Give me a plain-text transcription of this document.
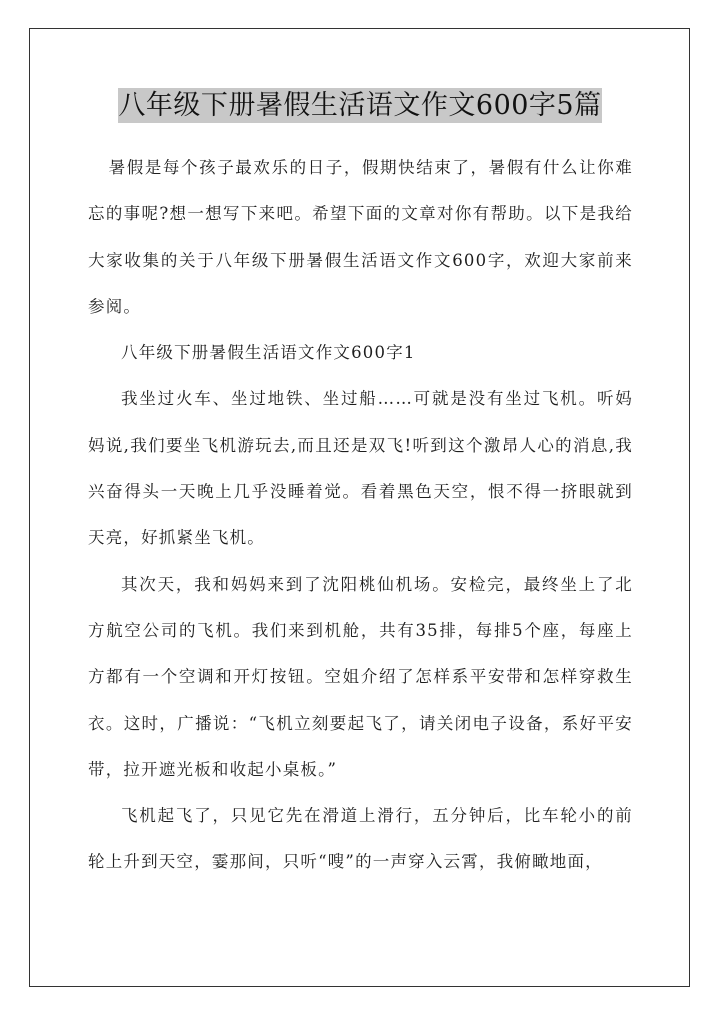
八年级下册暑假生活语文作文600字5篇

暑假是每个孩子最欢乐的日子，假期快结束了，暑假有什么让你难忘的事呢?想一想写下来吧。希望下面的文章对你有帮助。以下是我给大家收集的关于八年级下册暑假生活语文作文600字，欢迎大家前来参阅。

八年级下册暑假生活语文作文600字1

我坐过火车、坐过地铁、坐过船……可就是没有坐过飞机。听妈妈说,我们要坐飞机游玩去,而且还是双飞!听到这个激昂人心的消息,我兴奋得头一天晚上几乎没睡着觉。看着黑色天空，恨不得一挤眼就到天亮，好抓紧坐飞机。

其次天，我和妈妈来到了沈阳桃仙机场。安检完，最终坐上了北方航空公司的飞机。我们来到机舱，共有35排，每排5个座，每座上方都有一个空调和开灯按钮。空姐介绍了怎样系平安带和怎样穿救生衣。这时，广播说：“飞机立刻要起飞了，请关闭电子设备，系好平安带，拉开遮光板和收起小桌板。”

飞机起飞了，只见它先在滑道上滑行，五分钟后，比车轮小的前轮上升到天空，霎那间，只听“嗖”的一声穿入云霄，我俯瞰地面，
